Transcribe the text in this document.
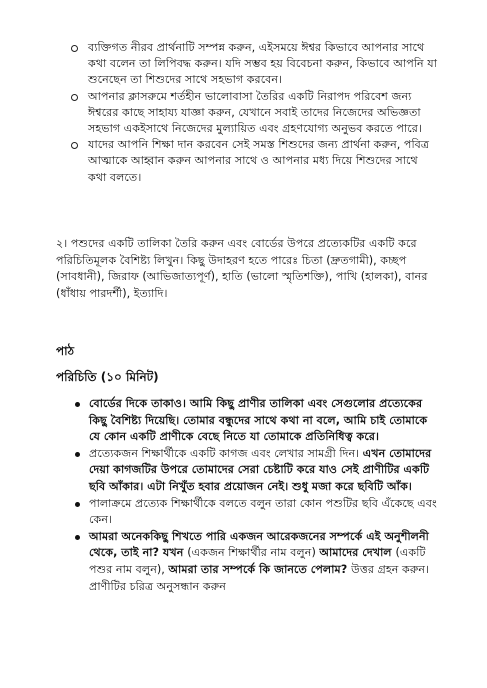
ব্যক্তিগত নীরব প্রার্থনাটি সম্পন্ন করুন, এইসময়ে ঈশ্বর কিভাবে আপনার সাথে কথা বলেন তা লিপিবদ্ধ করুন। যদি সম্ভব হয় বিবেচনা করুন, কিভাবে আপনি যা শুনেছেন তা শিশুদের সাথে সহভাগ করবেন।
আপনার ক্লাসরুমে শর্তহীন ভালোবাসা তৈরির একটি নিরাপদ পরিবেশ জন্য ঈশ্বরের কাছে সাহায্য যাজ্ঞা করুন, যেখানে সবাই তাদের নিজেদের অভিজ্ঞতা সহভাগ একইসাথে নিজেদের মুল্যায়িত এবং গ্রহণযোগ্য অনুভব করতে পারে।
যাদের আপনি শিক্ষা দান করবেন সেই সমস্ত শিশুদের জন্য প্রার্থনা করুন, পবিত্র আত্মাকে আহ্বান করুন আপনার সাথে ও আপনার মধ্য দিয়ে শিশুদের সাথে কথা বলতে।

২। পশুদের একটি তালিকা তৈরি করুন এবং বোর্ডের উপরে প্রত্যেকটির একটি করে পরিচিতিমূলক বৈশিষ্ট্য লিখুন। কিছু উদাহরণ হতে পারেঃ চিতা (দ্রুতগামী), কচ্ছপ (সাবধানী), জিরাফ (আভিজাত্যপূর্ণ), হাতি (ভালো স্মৃতিশক্তি), পাখি (হালকা), বানর (ধাঁধায় পারদর্শী), ইত্যাদি।

পাঠ

পরিচিতি (১০ মিনিট)

বোর্ডের দিকে তাকাও। আমি কিছু প্রাণীর তালিকা এবং সেগুলোর প্রত্যেকের কিছু বৈশিষ্ট্য দিয়েছি। তোমার বন্ধুদের সাথে কথা না বলে, আমি চাই তোমাকে যে কোন একটি প্রাণীকে বেছে নিতে যা তোমাকে প্রতিনিধিত্ব করে।
প্রত্যেকজন শিক্ষার্থীকে একটি কাগজ এবং লেখার সামগ্রী দিন। এখন তোমাদের দেয়া কাগজটির উপরে তোমাদের সেরা চেষ্টাটি করে যাও সেই প্রাণীটির একটি ছবি আঁকার। এটা নিখুঁত হবার প্রয়োজন নেই। শুধু মজা করে ছবিটি আঁক।
পালাক্রমে প্রত্যেক শিক্ষার্থীকে বলতে বলুন তারা কোন পশুটির ছবি এঁকেছে এবং কেন।
আমরা অনেককিছু শিখতে পারি একজন আরেকজনের সম্পর্কে এই অনুশীলনী থেকে, তাই না? যখন (একজন শিক্ষার্থীর নাম বলুন) আমাদের দেখাল (একটি পশুর নাম বলুন), আমরা তার সম্পর্কে কি জানতে পেলাম? উত্তর গ্রহন করুন। প্রাণীটির চরিত্র অনুসন্ধান করুন
